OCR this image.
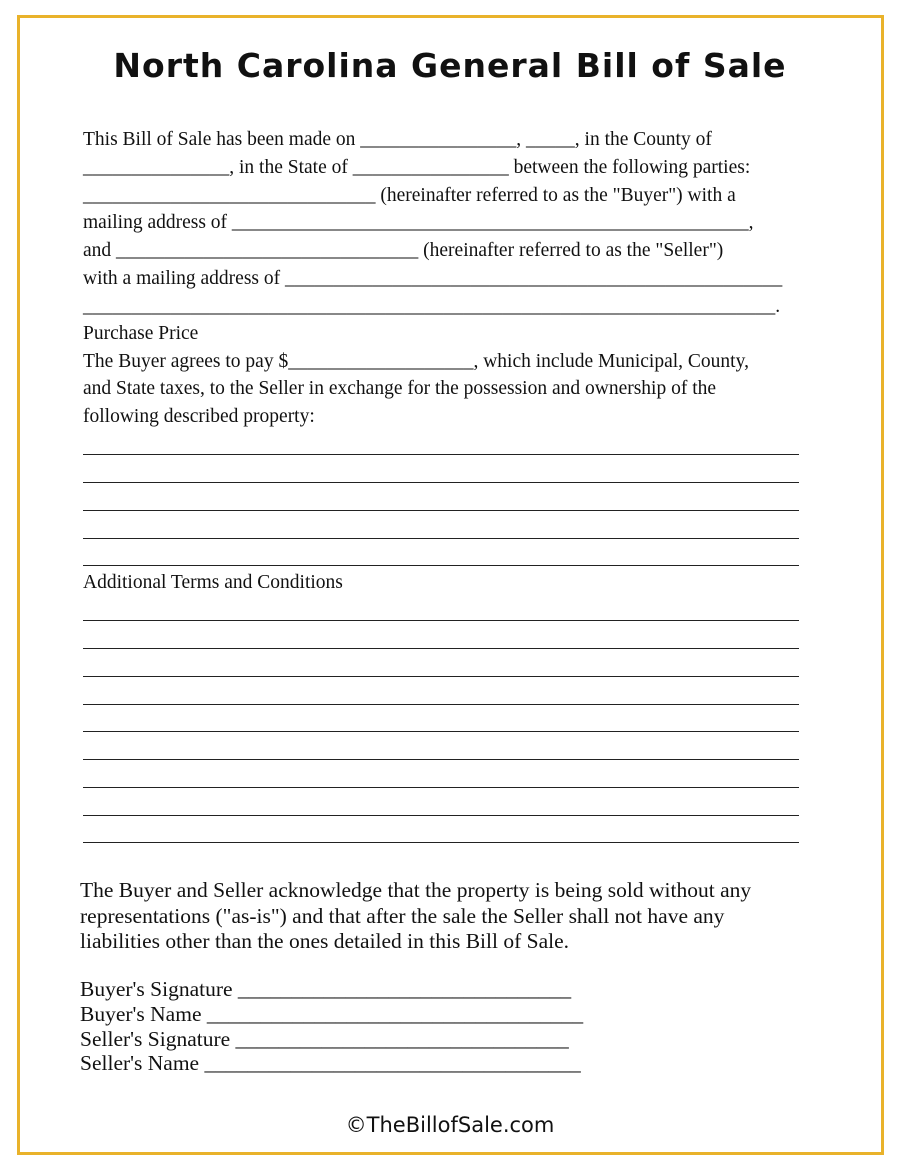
North Carolina General Bill of Sale
This Bill of Sale has been made on ________________, _____, in the County of
_______________, in the State of ________________ between the following parties:
______________________________ (hereinafter referred to as the "Buyer") with a
mailing address of _____________________________________________________,
and _______________________________ (hereinafter referred to as the "Seller")
with a mailing address of ___________________________________________________
_______________________________________________________________________.
Purchase Price
The Buyer agrees to pay $___________________, which include Municipal, County,
and State taxes, to the Seller in exchange for the possession and ownership of the
following described property:
Additional Terms and Conditions
The Buyer and Seller acknowledge that the property is being sold without any
representations ("as-is") and that after the sale the Seller shall not have any
liabilities other than the ones detailed in this Bill of Sale.
Buyer's Signature _______________________________
Buyer's Name ___________________________________
Seller's Signature _______________________________
Seller's Name ___________________________________
©TheBillofSale.com
